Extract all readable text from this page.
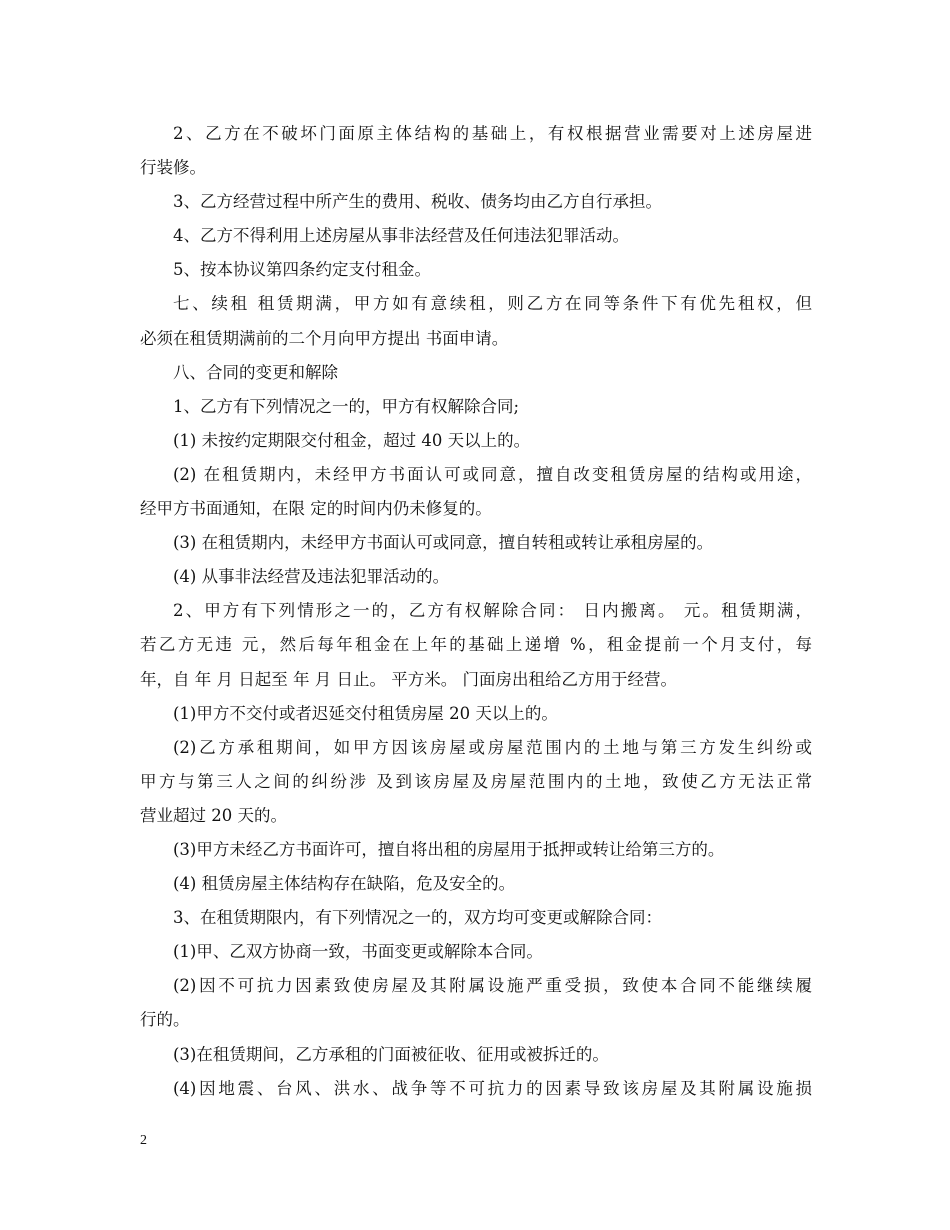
2、乙方在不破坏门面原主体结构的基础上，有权根据营业需要对上述房屋进

行装修。

3、乙方经营过程中所产生的费用、税收、债务均由乙方自行承担。

4、乙方不得利用上述房屋从事非法经营及任何违法犯罪活动。

5、按本协议第四条约定支付租金。

七、续租 租赁期满，甲方如有意续租，则乙方在同等条件下有优先租权，但

必须在租赁期满前的二个月向甲方提出 书面申请。

八、合同的变更和解除

1、乙方有下列情况之一的，甲方有权解除合同;

(1) 未按约定期限交付租金，超过 40 天以上的。

(2) 在租赁期内，未经甲方书面认可或同意，擅自改变租赁房屋的结构或用途，

经甲方书面通知，在限 定的时间内仍未修复的。

(3) 在租赁期内，未经甲方书面认可或同意，擅自转租或转让承租房屋的。

(4) 从事非法经营及违法犯罪活动的。

2、甲方有下列情形之一的，乙方有权解除合同： 日内搬离。 元。租赁期满，

若乙方无违 元，然后每年租金在上年的基础上递增 %，租金提前一个月支付，每

年，自 年 月 日起至 年 月 日止。 平方米。 门面房出租给乙方用于经营。

(1)甲方不交付或者迟延交付租赁房屋 20 天以上的。

(2)乙方承租期间，如甲方因该房屋或房屋范围内的土地与第三方发生纠纷或

甲方与第三人之间的纠纷涉 及到该房屋及房屋范围内的土地，致使乙方无法正常

营业超过 20 天的。

(3)甲方未经乙方书面许可，擅自将出租的房屋用于抵押或转让给第三方的。

(4) 租赁房屋主体结构存在缺陷，危及安全的。

3、在租赁期限内，有下列情况之一的，双方均可变更或解除合同：

(1)甲、乙双方协商一致，书面变更或解除本合同。

(2)因不可抗力因素致使房屋及其附属设施严重受损，致使本合同不能继续履

行的。

(3)在租赁期间，乙方承租的门面被征收、征用或被拆迁的。

(4)因地震、台风、洪水、战争等不可抗力的因素导致该房屋及其附属设施损

2
